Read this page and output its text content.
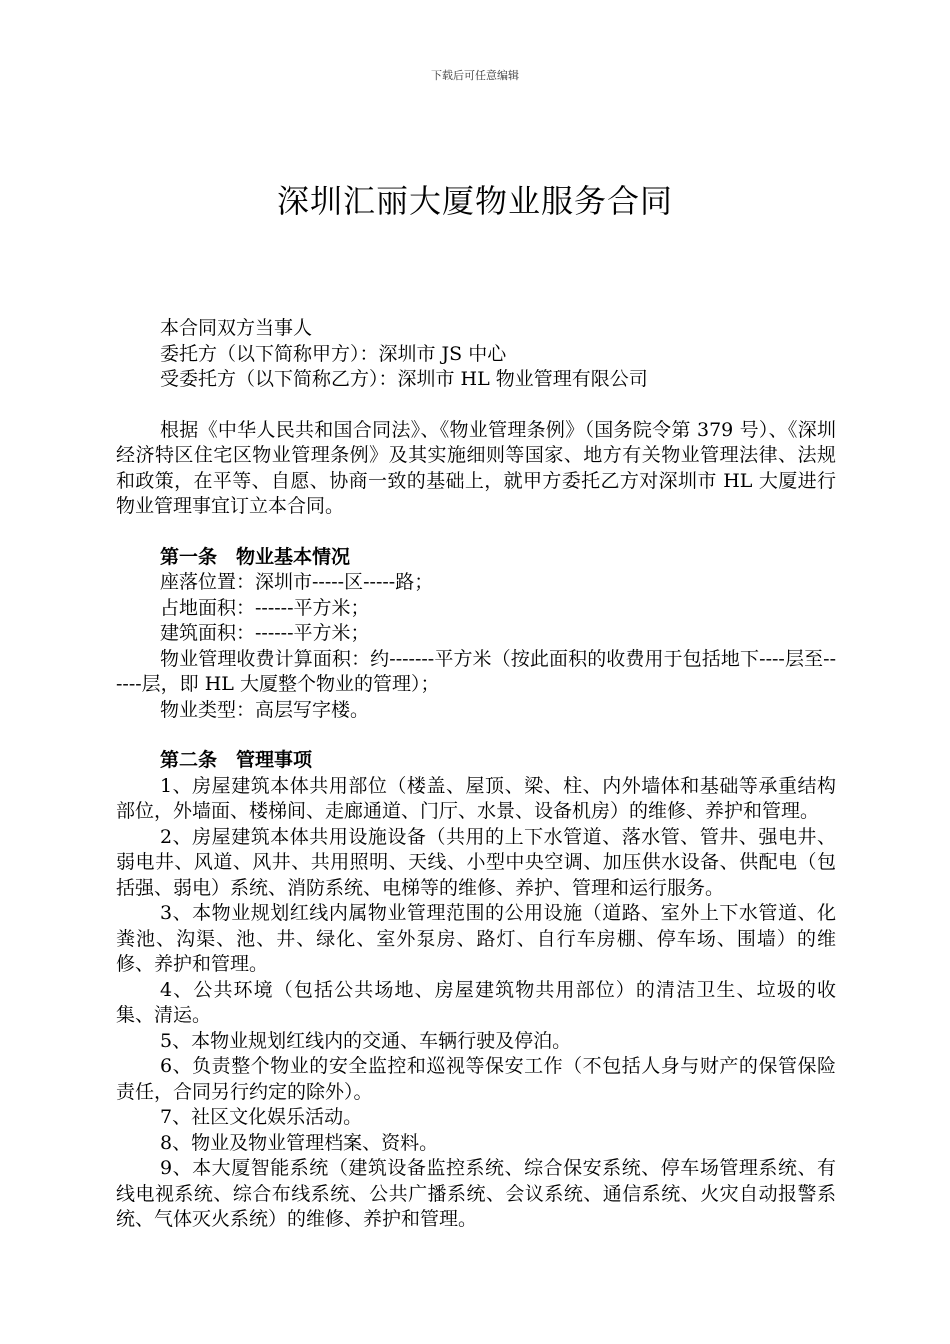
下载后可任意编辑
深圳汇丽大厦物业服务合同

本合同双方当事人

委托方（以下简称甲方）：深圳市 JS 中心

受委托方（以下简称乙方）：深圳市 HL 物业管理有限公司

根据《中华人民共和国合同法》、《物业管理条例》（国务院令第 379 号）、《深圳经济特区住宅区物业管理条例》及其实施细则等国家、地方有关物业管理法律、法规和政策，在平等、自愿、协商一致的基础上，就甲方委托乙方对深圳市 HL 大厦进行物业管理事宜订立本合同。

第一条　物业基本情况

座落位置：深圳市-----区-----路；

占地面积：------平方米；

建筑面积：------平方米；

物业管理收费计算面积：约-------平方米（按此面积的收费用于包括地下----层至------层，即 HL 大厦整个物业的管理）；

物业类型：高层写字楼。

第二条　管理事项

1、房屋建筑本体共用部位（楼盖、屋顶、梁、柱、内外墙体和基础等承重结构部位，外墙面、楼梯间、走廊通道、门厅、水景、设备机房）的维修、养护和管理。

2、房屋建筑本体共用设施设备（共用的上下水管道、落水管、管井、强电井、弱电井、风道、风井、共用照明、天线、小型中央空调、加压供水设备、供配电（包括强、弱电）系统、消防系统、电梯等的维修、养护、管理和运行服务。

3、本物业规划红线内属物业管理范围的公用设施（道路、室外上下水管道、化粪池、沟渠、池、井、绿化、室外泵房、路灯、自行车房棚、停车场、围墙）的维修、养护和管理。

4、公共环境（包括公共场地、房屋建筑物共用部位）的清洁卫生、垃圾的收集、清运。

5、本物业规划红线内的交通、车辆行驶及停泊。

6、负责整个物业的安全监控和巡视等保安工作（不包括人身与财产的保管保险责任，合同另行约定的除外）。

7、社区文化娱乐活动。

8、物业及物业管理档案、资料。

9、本大厦智能系统（建筑设备监控系统、综合保安系统、停车场管理系统、有线电视系统、综合布线系统、公共广播系统、会议系统、通信系统、火灾自动报警系统、气体灭火系统）的维修、养护和管理。
